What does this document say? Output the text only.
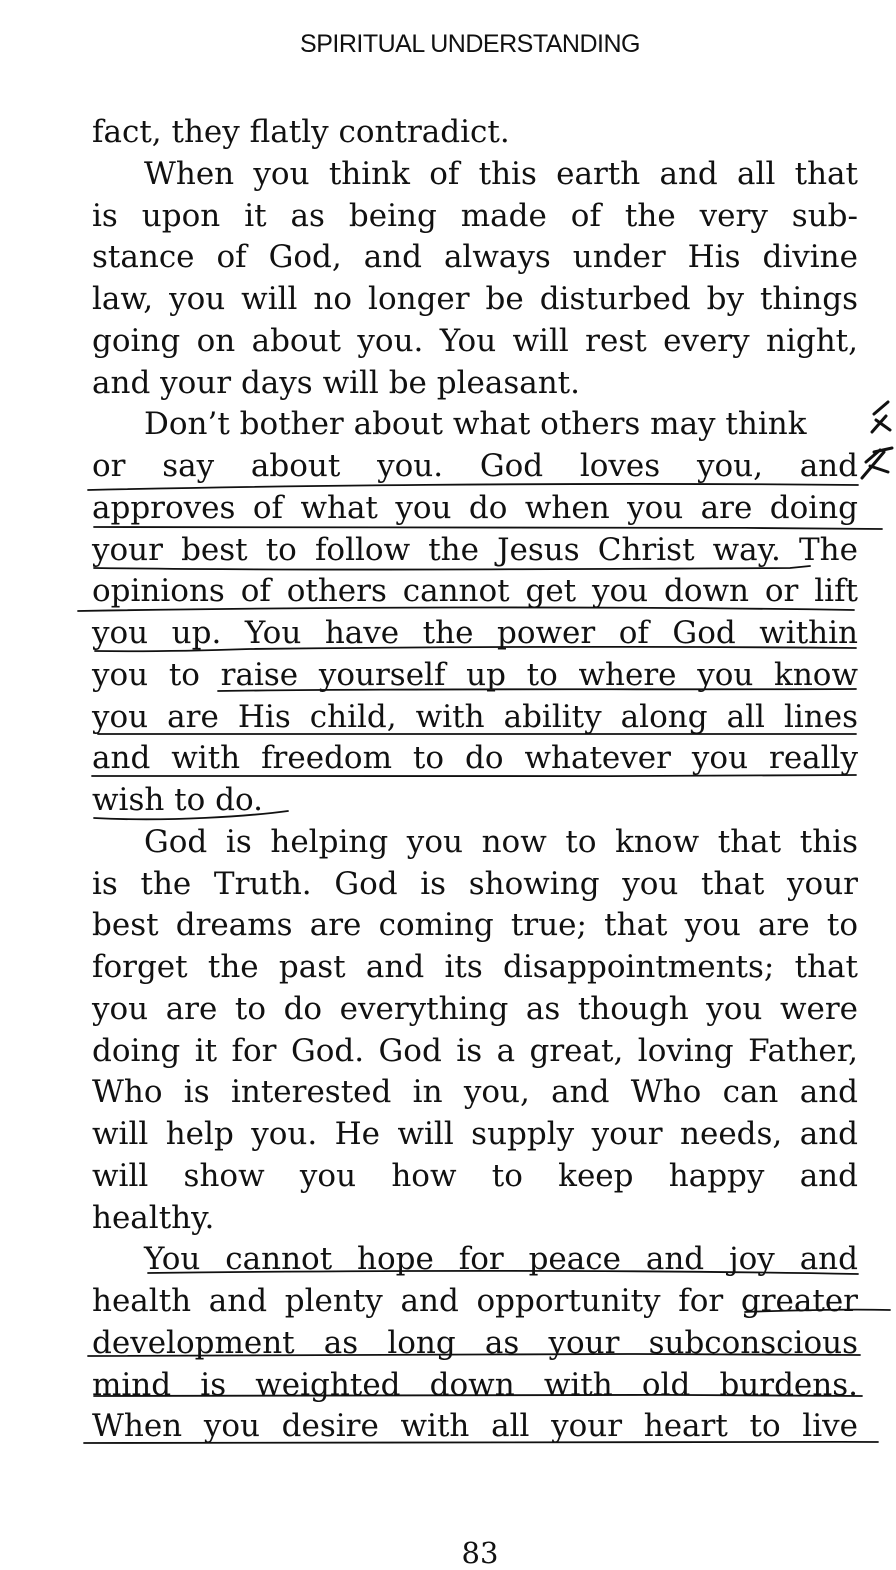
SPIRITUAL UNDERSTANDING
fact, they flatly contradict.
When you think of this earth and all that
is upon it as being made of the very sub-
stance of God, and always under His divine
law, you will no longer be disturbed by things
going on about you. You will rest every night,
and your days will be pleasant.
Don’t bother about what others may think
or say about you. God loves you, and
approves of what you do when you are doing
your best to follow the Jesus Christ way. The
opinions of others cannot get you down or lift
you up. You have the power of God within
you to raise yourself up to where you know
you are His child, with ability along all lines
and with freedom to do whatever you really
wish to do.
God is helping you now to know that this
is the Truth. God is showing you that your
best dreams are coming true; that you are to
forget the past and its disappointments; that
you are to do everything as though you were
doing it for God. God is a great, loving Father,
Who is interested in you, and Who can and
will help you. He will supply your needs, and
will show you how to keep happy and
healthy.
You cannot hope for peace and joy and
health and plenty and opportunity for greater
development as long as your subconscious
mind is weighted down with old burdens.
When you desire with all your heart to live
83
